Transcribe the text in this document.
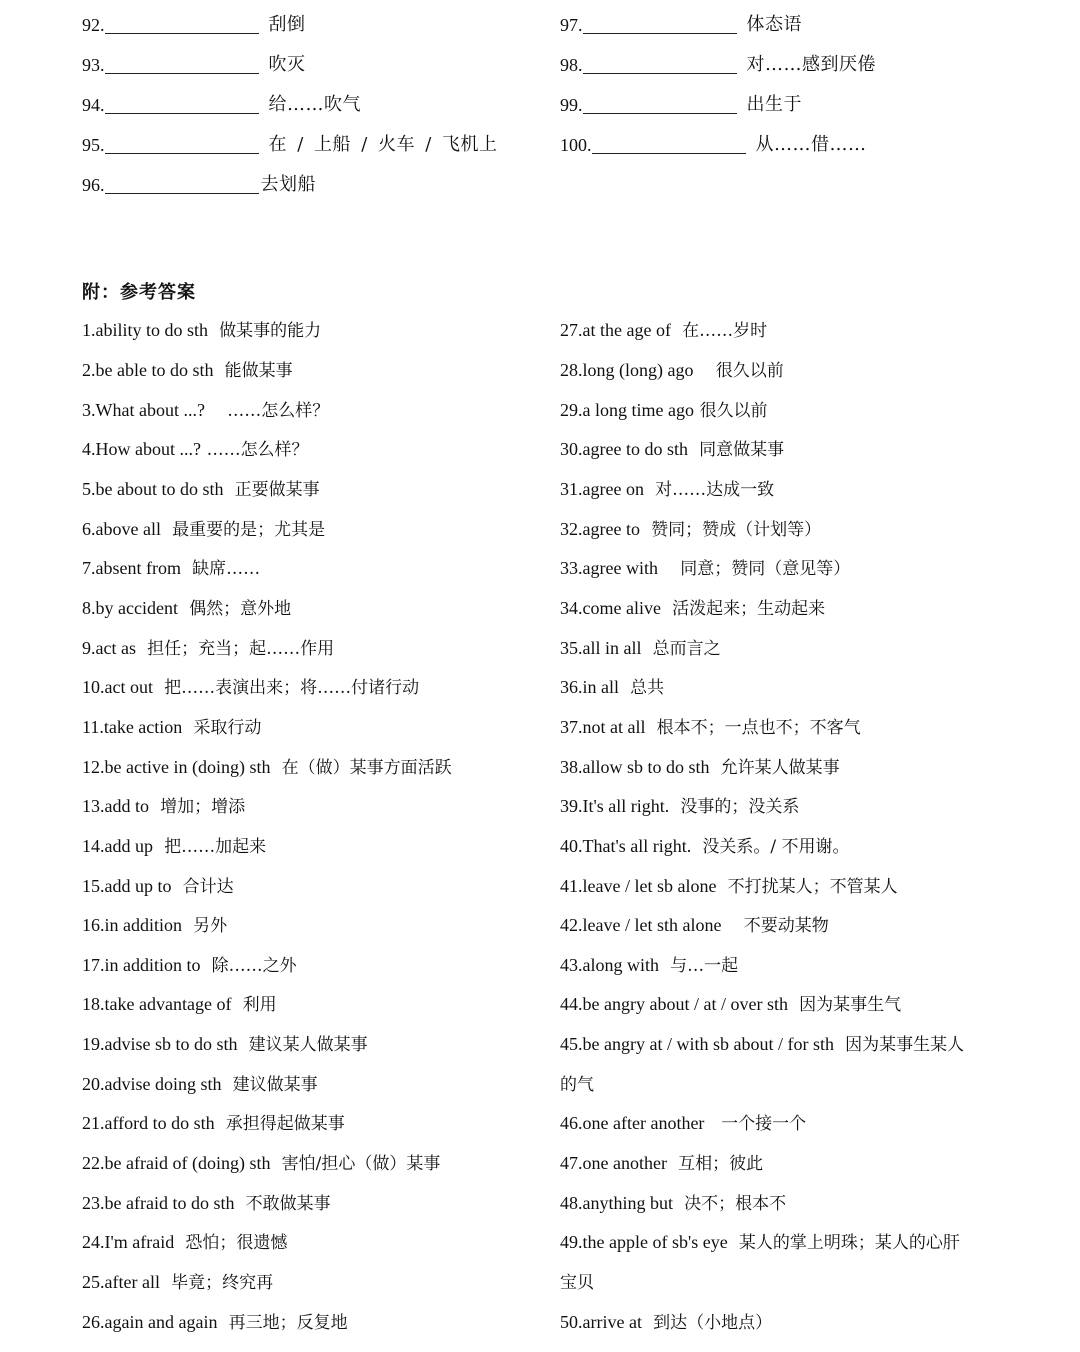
92.	刮倒
93.	吹灭
94.	给……吹气
95.	在 / 上船 / 火车 / 飞机上
96.	去划船
97.	体态语
98.	对……感到厌倦
99.	出生于
100.	从……借……
附：参考答案
1.ability to do sth 做某事的能力
2.be able to do sth 能做某事
3.What about ...? ……怎么样？
4.How about ...? ……怎么样？
5.be about to do sth 正要做某事
6.above all 最重要的是；尤其是
7.absent from 缺席……
8.by accident 偶然；意外地
9.act as 担任；充当；起……作用
10.act out 把……表演出来；将……付诸行动
11.take action 采取行动
12.be active in (doing) sth 在（做）某事方面活跃
13.add to 增加；增添
14.add up 把……加起来
15.add up to 合计达
16.in addition 另外
17.in addition to 除……之外
18.take advantage of 利用
19.advise sb to do sth 建议某人做某事
20.advise doing sth 建议做某事
21.afford to do sth 承担得起做某事
22.be afraid of (doing) sth 害怕/担心（做）某事
23.be afraid to do sth 不敢做某事
24.I'm afraid 恐怕；很遗憾
25.after all 毕竟；终究再
26.again and again 再三地；反复地
27.at the age of 在……岁时
28.long (long) ago 很久以前
29.a long time ago 很久以前
30.agree to do sth 同意做某事
31.agree on 对……达成一致
32.agree to 赞同；赞成（计划等）
33.agree with 同意；赞同（意见等）
34.come alive 活泼起来；生动起来
35.all in all 总而言之
36.in all 总共
37.not at all 根本不；一点也不；不客气
38.allow sb to do sth 允许某人做某事
39.It's all right. 没事的；没关系
40.That's all right. 没关系。/ 不用谢。
41.leave / let sb alone 不打扰某人；不管某人
42.leave / let sth alone 不要动某物
43.along with 与…一起
44.be angry about / at / over sth 因为某事生气
45.be angry at / with sb about / for sth 因为某事生某人
的气
46.one after another 一个接一个
47.one another 互相；彼此
48.anything but 决不；根本不
49.the apple of sb's eye 某人的掌上明珠；某人的心肝
宝贝
50.arrive at 到达（小地点）
